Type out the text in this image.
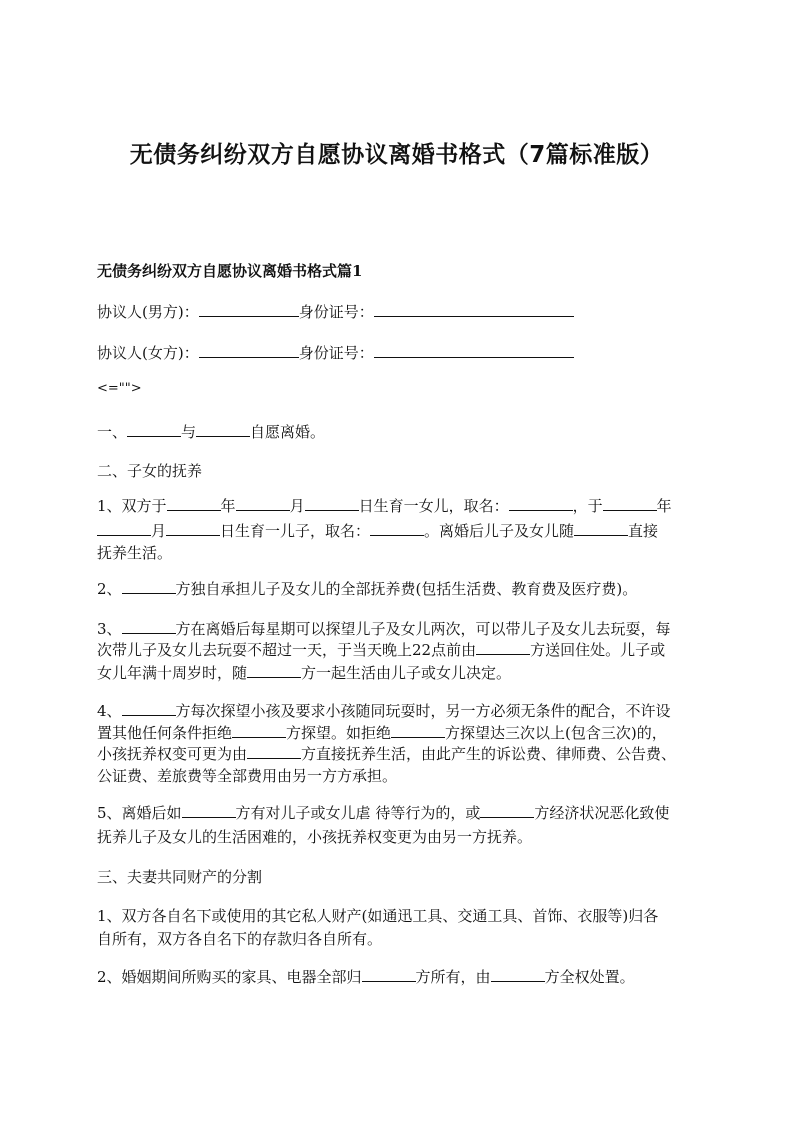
无债务纠纷双方自愿协议离婚书格式（7篇标准版）
无债务纠纷双方自愿协议离婚书格式篇1
协议人(男方)：	身份证号：
协议人(女方)：	身份证号：
<="">
一、	与	自愿离婚。
二、子女的抚养
1、双方于	年	月	日生育一女儿，取名：	，于	年
月	日生育一儿子，取名：	。离婚后儿子及女儿随	直接
抚养生活。
2、	方独自承担儿子及女儿的全部抚养费(包括生活费、教育费及医疗费)。
3、	方在离婚后每星期可以探望儿子及女儿两次，可以带儿子及女儿去玩耍，每
次带儿子及女儿去玩耍不超过一天，于当天晚上22点前由	方送回住处。儿子或
女儿年满十周岁时，随	方一起生活由儿子或女儿决定。
4、	方每次探望小孩及要求小孩随同玩耍时，另一方必须无条件的配合，不许设
置其他任何条件拒绝	方探望。如拒绝	方探望达三次以上(包含三次)的，
小孩抚养权变可更为由	方直接抚养生活，由此产生的诉讼费、律师费、公告费、
公证费、差旅费等全部费用由另一方方承担。
5、离婚后如	方有对儿子或女儿虐 待等行为的，或	方经济状况恶化致使
抚养儿子及女儿的生活困难的，小孩抚养权变更为由另一方抚养。
三、夫妻共同财产的分割
1、双方各自名下或使用的其它私人财产(如通迅工具、交通工具、首饰、衣服等)归各
自所有，双方各自名下的存款归各自所有。
2、婚姻期间所购买的家具、电器全部归	方所有，由	方全权处置。
